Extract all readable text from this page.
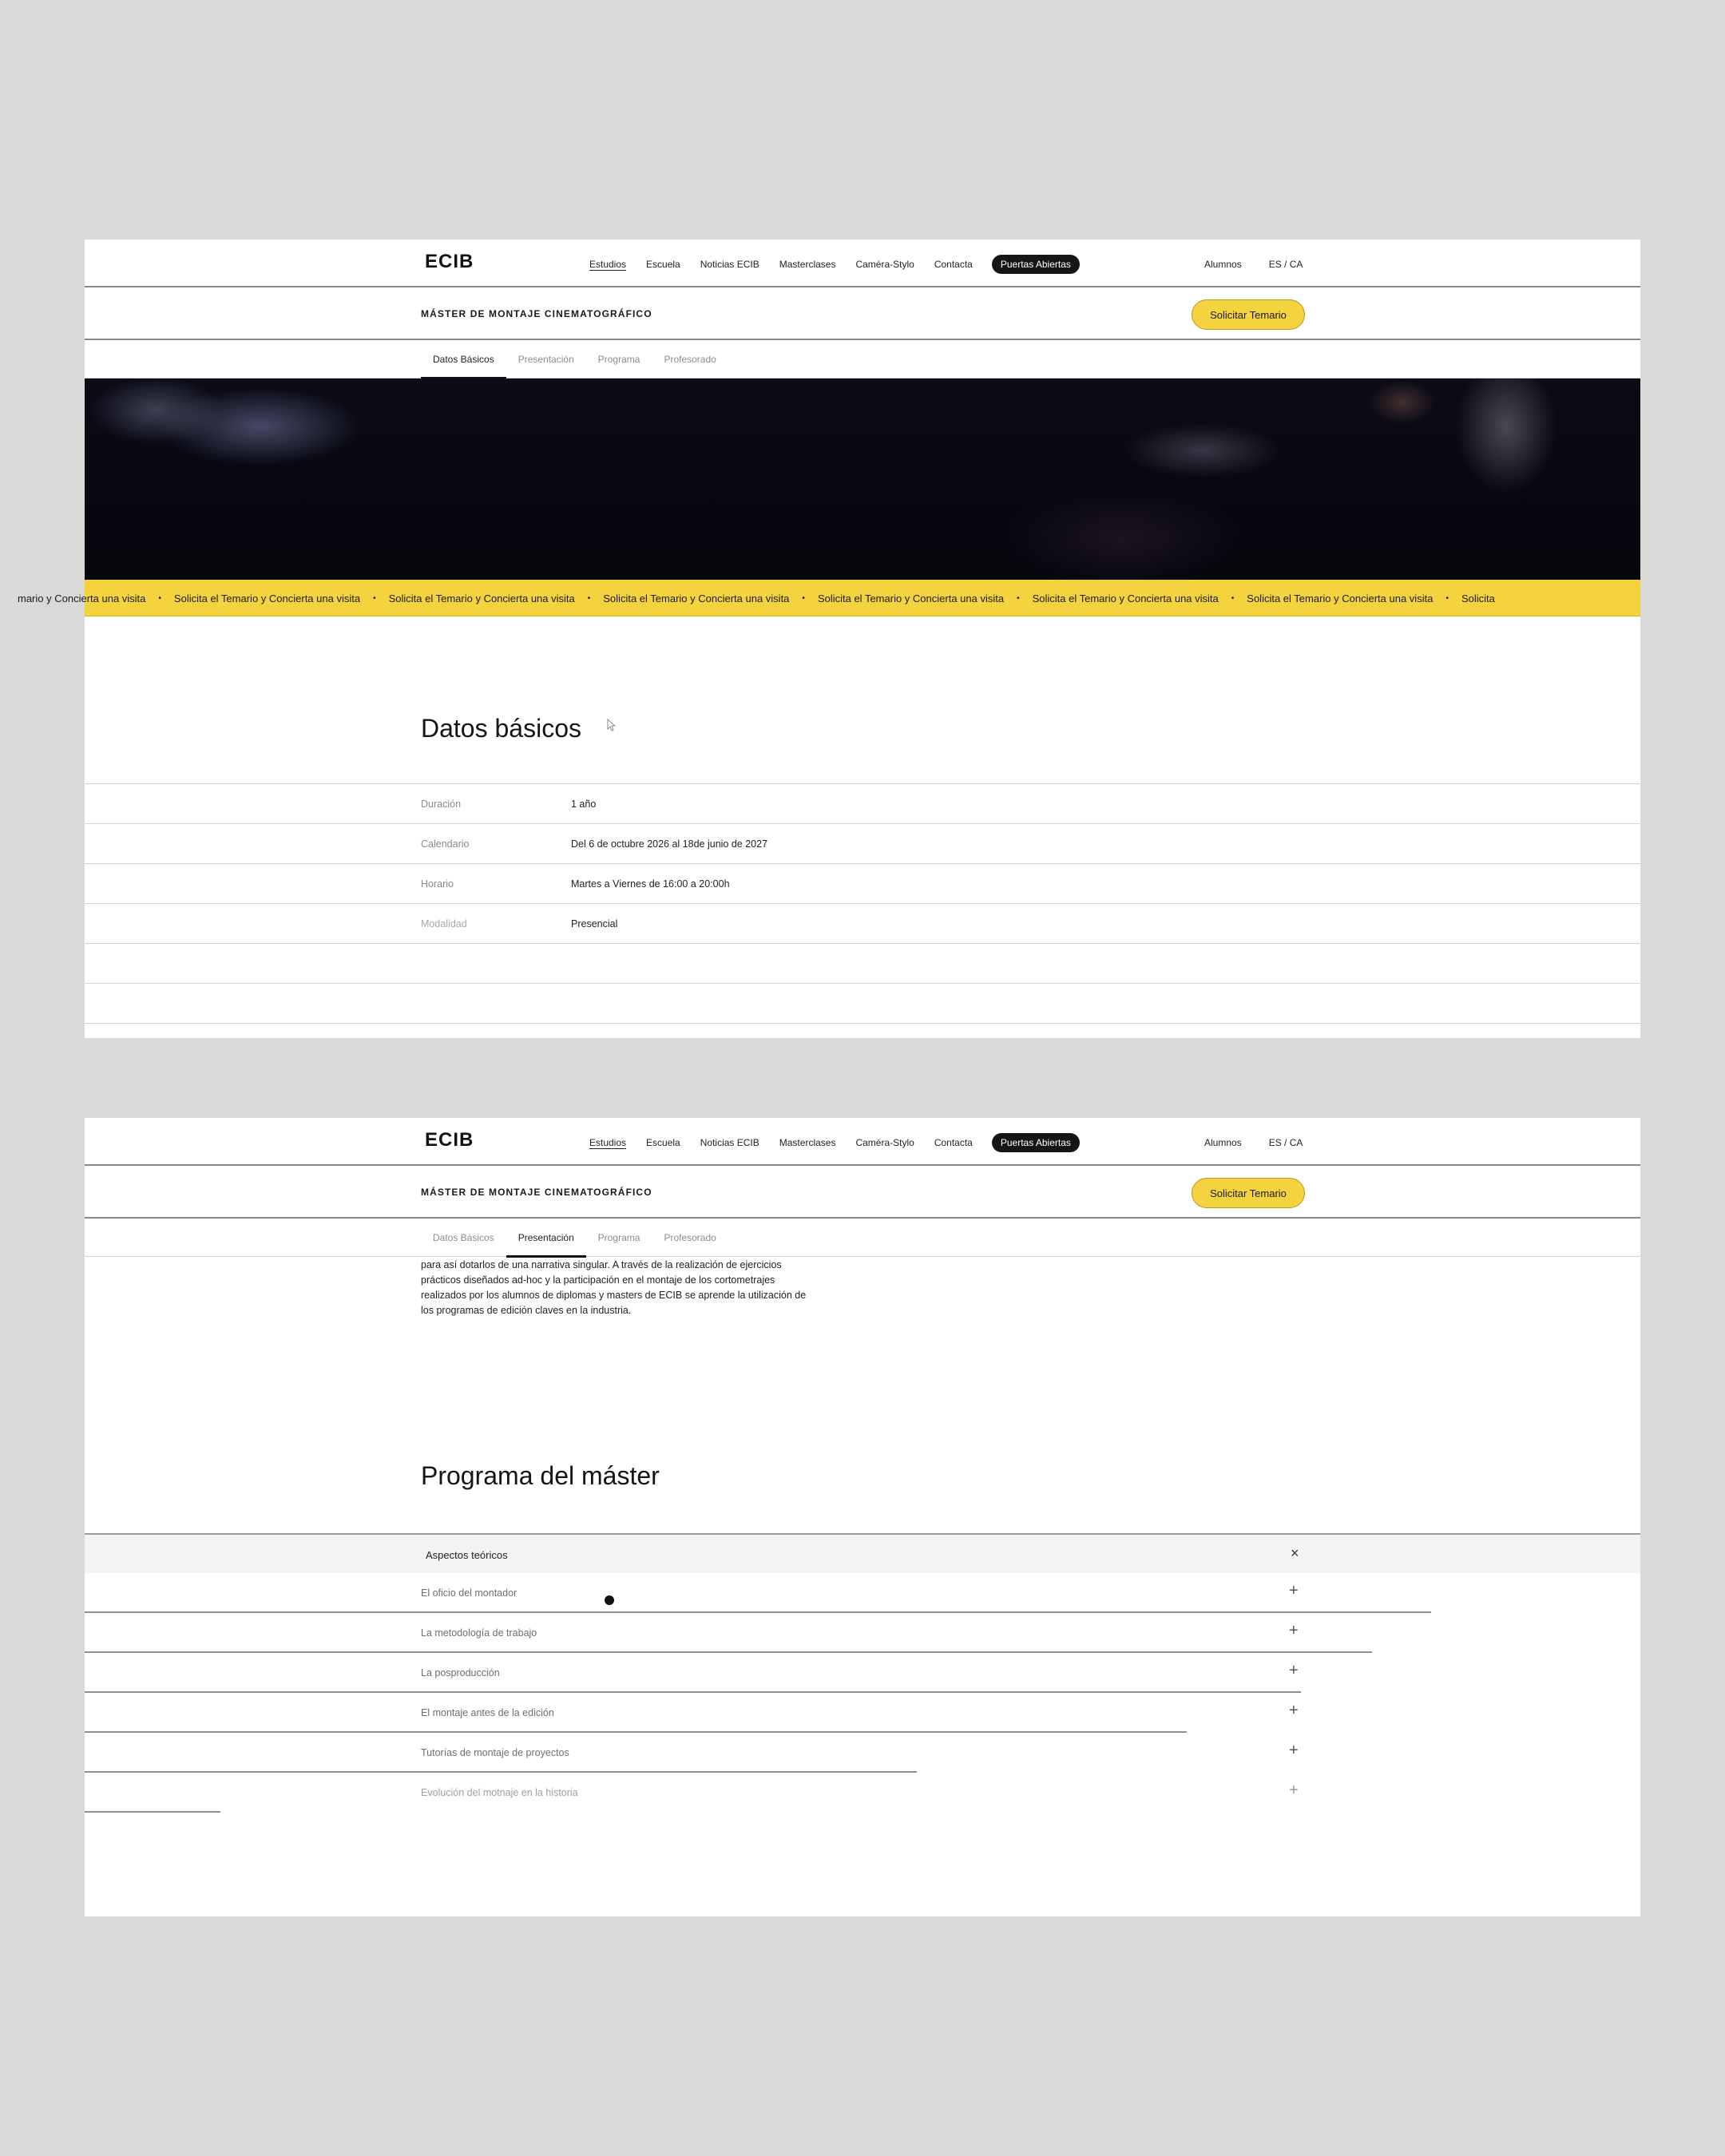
ECIB	Estudios Escuela Noticias ECIB Masterclases Caméra-Stylo Contacta	Puertas Abiertas	Alumnos	ES / CA
MÁSTER DE MONTAJE CINEMATOGRÁFICO	Solicitar Temario
Datos Básicos	Presentación	Programa	Profesorado
mario y Concierta una visita	•	Solicita el Temario y Concierta una visita	•	Solicita el Temario y Concierta una visita	•	Solicita el Temario y Concierta una visita	•	Solicita el Temario y Concierta una visita	•	Solicita el Temario y Concierta una visita	•	Solicita el Temario y Concierta una visita	•	Solicita
Datos básicos
Duración	1 año
Calendario	Del 6 de octubre 2026 al 18de junio de 2027
Horario	Martes a Viernes de 16:00 a 20:00h
Modalidad	Presencial
ECIB	Estudios Escuela Noticias ECIB Masterclases Caméra-Stylo Contacta	Puertas Abiertas	Alumnos	ES / CA
MÁSTER DE MONTAJE CINEMATOGRÁFICO	Solicitar Temario
Datos Básicos	Presentación	Programa	Profesorado
para así dotarlos de una narrativa singular. A través de la realización de ejercicios
prácticos diseñados ad-hoc y la participación en el montaje de los cortometrajes
realizados por los alumnos de diplomas y masters de ECIB se aprende la utilización de
los programas de edición claves en la industria.
Programa del máster
Aspectos teóricos	×
El oficio del montador	+
La metodología de trabajo	+
La posproducción	+
El montaje antes de la edición	+
Tutorías de montaje de proyectos	+
Evolución del motnaje en la historia	+
